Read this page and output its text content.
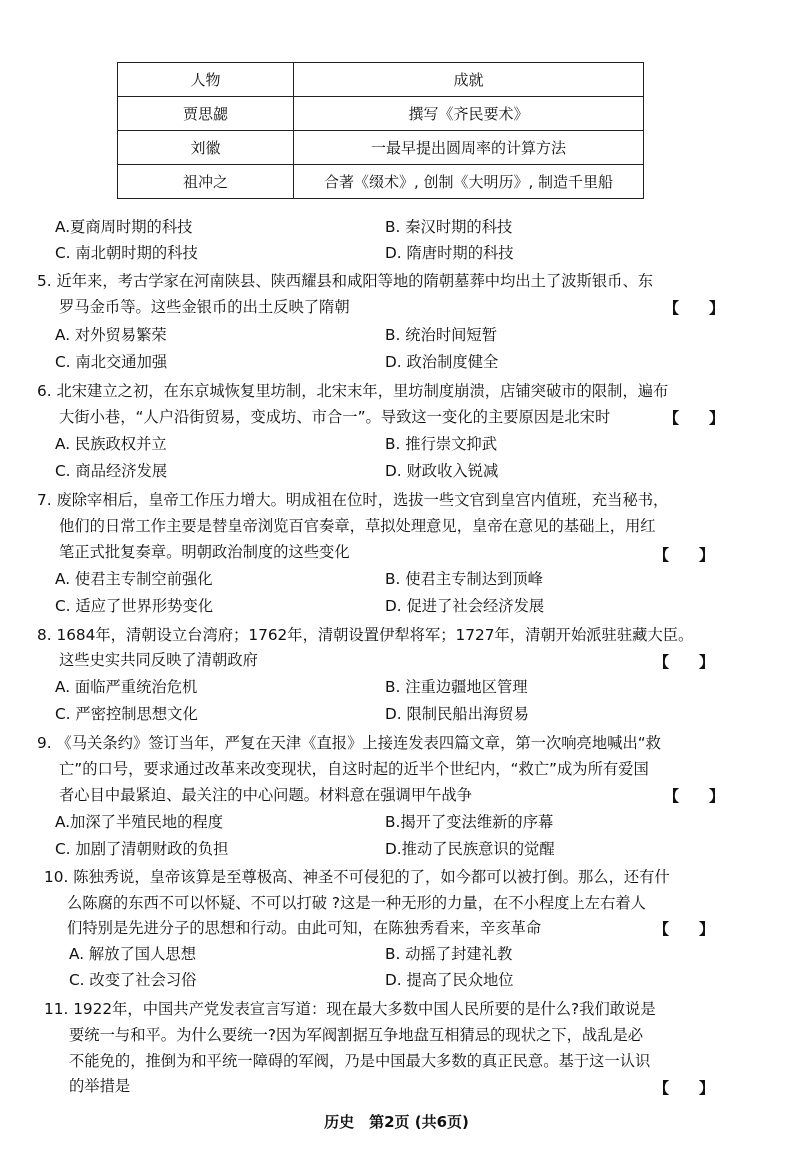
人物	成就
贾思勰	撰写《齐民要术》
刘徽	一最早提出圆周率的计算方法
祖冲之	合著《缀术》, 创制《大明历》, 制造千里船
A.夏商周时期的科技	B. 秦汉时期的科技
C. 南北朝时期的科技	D. 隋唐时期的科技
5. 近年来，考古学家在河南陕县、陕西耀县和咸阳等地的隋朝墓葬中均出土了波斯银币、东
罗马金币等。这些金银币的出土反映了隋朝	【　　】
A. 对外贸易繁荣	B. 统治时间短暂
C. 南北交通加强	D. 政治制度健全
6. 北宋建立之初，在东京城恢复里坊制，北宋末年，里坊制度崩溃，店铺突破市的限制，遍布
大街小巷，“人户沿街贸易，变成坊、市合一”。导致这一变化的主要原因是北宋时	【　　】
A. 民族政权并立	B. 推行崇文抑武
C. 商品经济发展	D. 财政收入锐减
7. 废除宰相后，皇帝工作压力增大。明成祖在位时，选拔一些文官到皇宫内值班，充当秘书，
他们的日常工作主要是替皇帝浏览百官奏章，草拟处理意见，皇帝在意见的基础上，用红
笔正式批复奏章。明朝政治制度的这些变化	【　　】
A. 使君主专制空前强化	B. 使君主专制达到顶峰
C. 适应了世界形势变化	D. 促进了社会经济发展
8. 1684年，清朝设立台湾府；1762年，清朝设置伊犁将军；1727年，清朝开始派驻驻藏大臣。
这些史实共同反映了清朝政府	【　　】
A. 面临严重统治危机	B. 注重边疆地区管理
C. 严密控制思想文化	D. 限制民船出海贸易
9. 《马关条约》签订当年，严复在天津《直报》上接连发表四篇文章，第一次响亮地喊出“救
亡”的口号，要求通过改革来改变现状，自这时起的近半个世纪内，“救亡”成为所有爱国
者心目中最紧迫、最关注的中心问题。材料意在强调甲午战争	【　　】
A.加深了半殖民地的程度	B.揭开了变法维新的序幕
C. 加剧了清朝财政的负担	D.推动了民族意识的觉醒
10. 陈独秀说，皇帝该算是至尊极高、神圣不可侵犯的了，如今都可以被打倒。那么，还有什
么陈腐的东西不可以怀疑、不可以打破 ?这是一种无形的力量，在不小程度上左右着人
们特别是先进分子的思想和行动。由此可知，在陈独秀看来，辛亥革命	【　　】
A. 解放了国人思想	B. 动摇了封建礼教
C. 改变了社会习俗	D. 提高了民众地位
11. 1922年，中国共产党发表宣言写道：现在最大多数中国人民所要的是什么?我们敢说是
要统一与和平。为什么要统一?因为军阀割据互争地盘互相猜忌的现状之下，战乱是必
不能免的，推倒为和平统一障碍的军阀，乃是中国最大多数的真正民意。基于这一认识
的举措是	【　　】
历史　第2页 (共6页)
